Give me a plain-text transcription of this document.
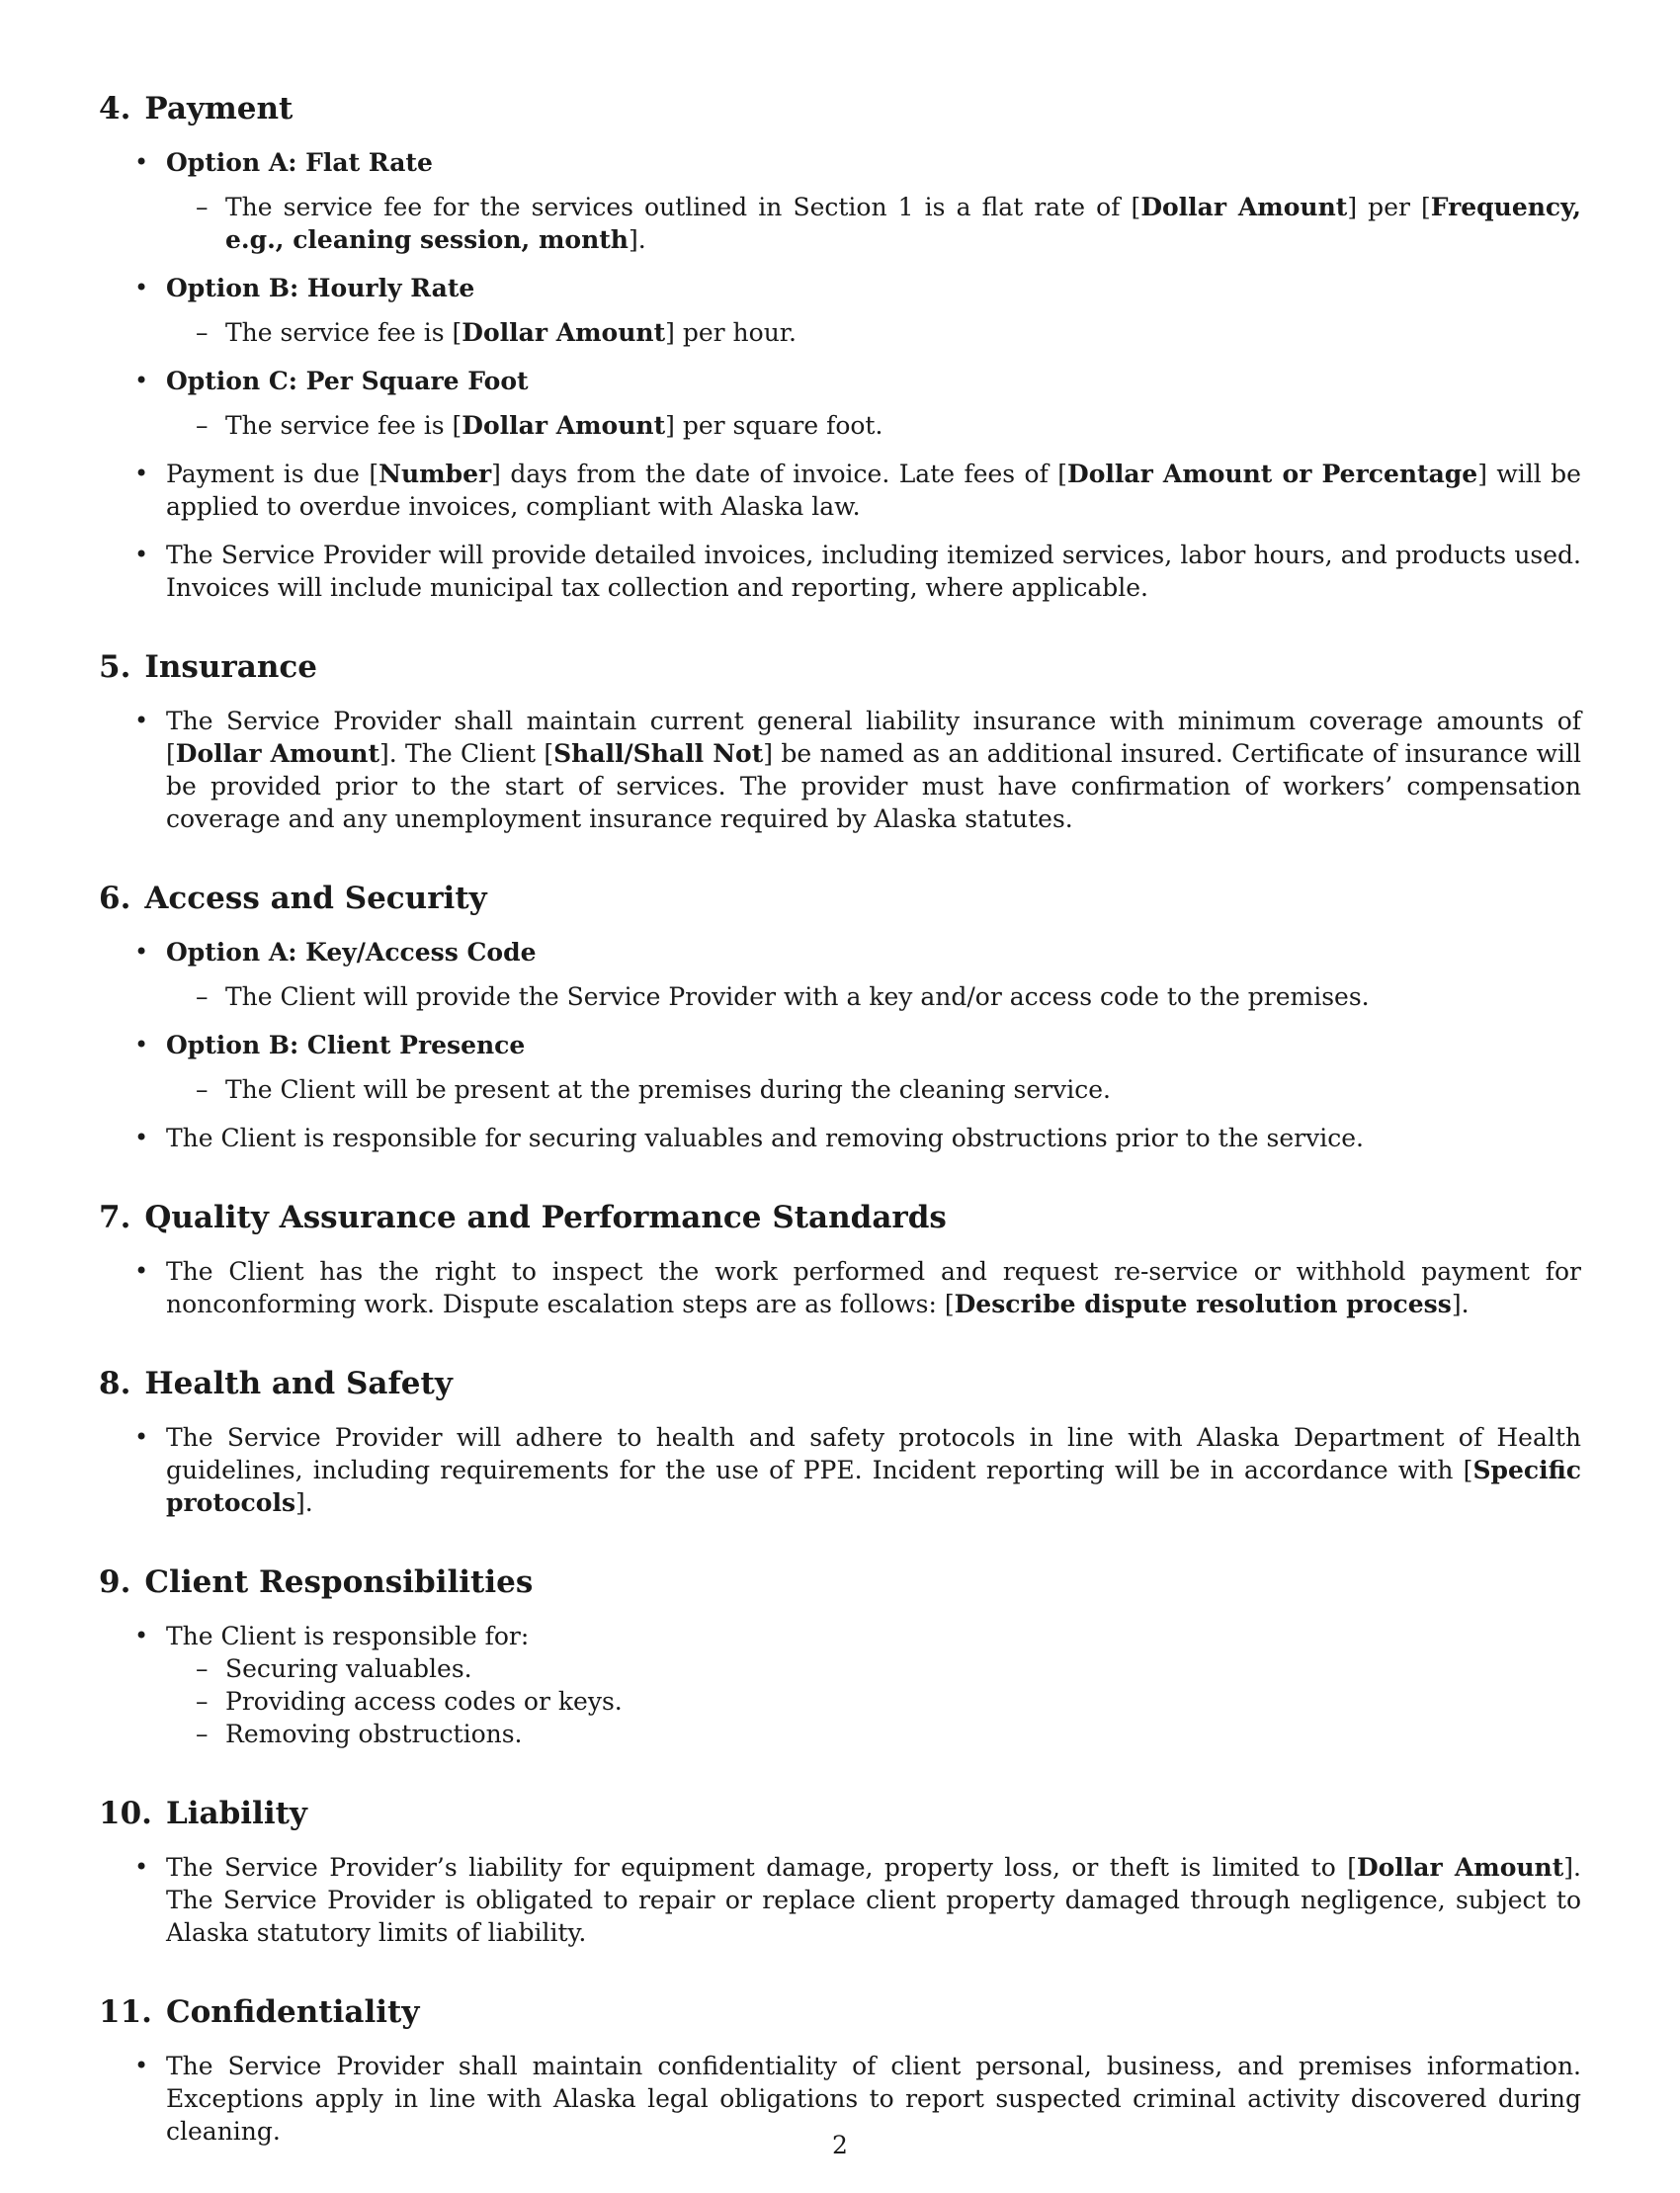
4. Payment
• Option A: Flat Rate
– The service fee for the services outlined in Section 1 is a flat rate of [Dollar Amount] per [Frequency, e.g., cleaning session, month].
• Option B: Hourly Rate
– The service fee is [Dollar Amount] per hour.
• Option C: Per Square Foot
– The service fee is [Dollar Amount] per square foot.
• Payment is due [Number] days from the date of invoice. Late fees of [Dollar Amount or Percentage] will be applied to overdue invoices, compliant with Alaska law.
• The Service Provider will provide detailed invoices, including itemized services, labor hours, and products used. Invoices will include municipal tax collection and reporting, where applicable.
5. Insurance
• The Service Provider shall maintain current general liability insurance with minimum coverage amounts of [Dollar Amount]. The Client [Shall/Shall Not] be named as an additional insured. Certificate of insurance will be provided prior to the start of services. The provider must have confirmation of workers’ compensation coverage and any unemployment insurance required by Alaska statutes.
6. Access and Security
• Option A: Key/Access Code
– The Client will provide the Service Provider with a key and/or access code to the premises.
• Option B: Client Presence
– The Client will be present at the premises during the cleaning service.
• The Client is responsible for securing valuables and removing obstructions prior to the service.
7. Quality Assurance and Performance Standards
• The Client has the right to inspect the work performed and request re-service or withhold payment for nonconforming work. Dispute escalation steps are as follows: [Describe dispute resolution process].
8. Health and Safety
• The Service Provider will adhere to health and safety protocols in line with Alaska Department of Health guidelines, including requirements for the use of PPE. Incident reporting will be in accordance with [Specific protocols].
9. Client Responsibilities
• The Client is responsible for:
– Securing valuables.
– Providing access codes or keys.
– Removing obstructions.
10. Liability
• The Service Provider’s liability for equipment damage, property loss, or theft is limited to [Dollar Amount]. The Service Provider is obligated to repair or replace client property damaged through negligence, subject to Alaska statutory limits of liability.
11. Confidentiality
• The Service Provider shall maintain confidentiality of client personal, business, and premises information. Exceptions apply in line with Alaska legal obligations to report suspected criminal activity discovered during cleaning.	2
